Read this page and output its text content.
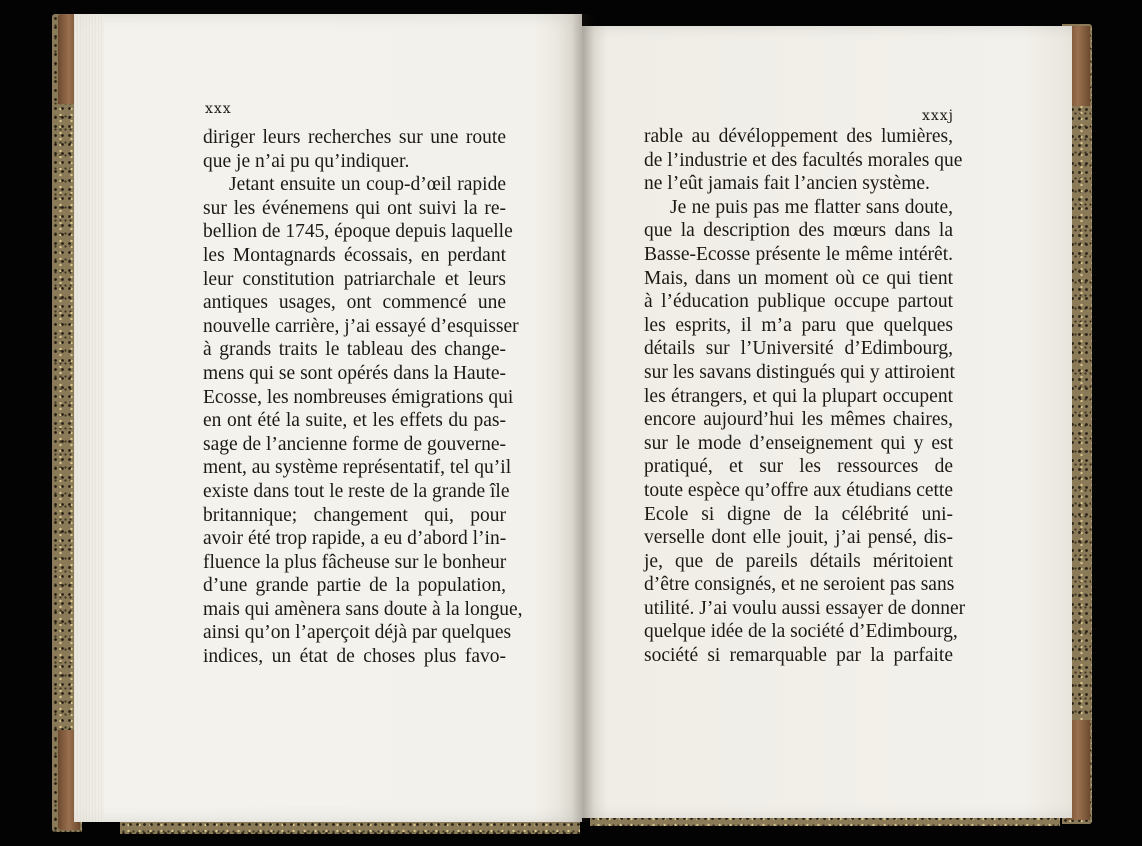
xxx	xxxj
diriger leurs recherches sur une route
que je n’ai pu qu’indiquer.
Jetant ensuite un coup-d’œil rapide
sur les événemens qui ont suivi la re-
bellion de 1745, époque depuis laquelle
les Montagnards écossais, en perdant
leur constitution patriarchale et leurs
antiques usages, ont commencé une
nouvelle carrière, j’ai essayé d’esquisser
à grands traits le tableau des change-
mens qui se sont opérés dans la Haute-
Ecosse, les nombreuses émigrations qui
en ont été la suite, et les effets du pas-
sage de l’ancienne forme de gouverne-
ment, au système représentatif, tel qu’il
existe dans tout le reste de la grande île
britannique; changement qui, pour
avoir été trop rapide, a eu d’abord l’in-
fluence la plus fâcheuse sur le bonheur
d’une grande partie de la population,
mais qui amènera sans doute à la longue,
ainsi qu’on l’aperçoit déjà par quelques
indices, un état de choses plus favo-
rable au dévéloppement des lumières,
de l’industrie et des facultés morales que
ne l’eût jamais fait l’ancien système.
Je ne puis pas me flatter sans doute,
que la description des mœurs dans la
Basse-Ecosse présente le même intérêt.
Mais, dans un moment où ce qui tient
à l’éducation publique occupe partout
les esprits, il m’a paru que quelques
détails sur l’Université d’Edimbourg,
sur les savans distingués qui y attiroient
les étrangers, et qui la plupart occupent
encore aujourd’hui les mêmes chaires,
sur le mode d’enseignement qui y est
pratiqué, et sur les ressources de
toute espèce qu’offre aux étudians cette
Ecole si digne de la célébrité uni-
verselle dont elle jouit, j’ai pensé, dis-
je, que de pareils détails méritoient
d’être consignés, et ne seroient pas sans
utilité. J’ai voulu aussi essayer de donner
quelque idée de la société d’Edimbourg,
société si remarquable par la parfaite
